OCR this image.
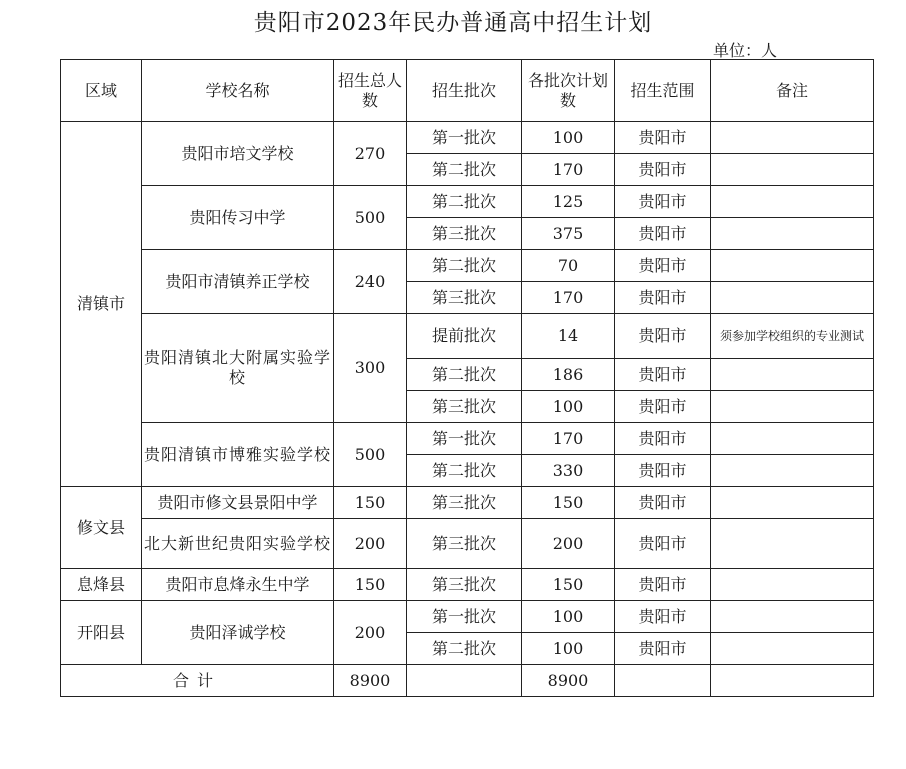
贵阳市2023年民办普通高中招生计划
单位：人
区域	学校名称	招生总人数	招生批次	各批次计划数	招生范围	备注
清镇市	贵阳市培文学校	270	第一批次	100	贵阳市	
			第二批次	170	贵阳市	
	贵阳传习中学	500	第二批次	125	贵阳市	
			第三批次	375	贵阳市	
	贵阳市清镇养正学校	240	第二批次	70	贵阳市	
			第三批次	170	贵阳市	
	贵阳清镇北大附属实验学校	300	提前批次	14	贵阳市	须参加学校组织的专业测试
			第二批次	186	贵阳市	
			第三批次	100	贵阳市	
	贵阳清镇市博雅实验学校	500	第一批次	170	贵阳市	
			第二批次	330	贵阳市	
修文县	贵阳市修文县景阳中学	150	第三批次	150	贵阳市	
	北大新世纪贵阳实验学校	200	第三批次	200	贵阳市	
息烽县	贵阳市息烽永生中学	150	第三批次	150	贵阳市	
开阳县	贵阳泽诚学校	200	第一批次	100	贵阳市	
			第二批次	100	贵阳市	
合计		8900		8900		
